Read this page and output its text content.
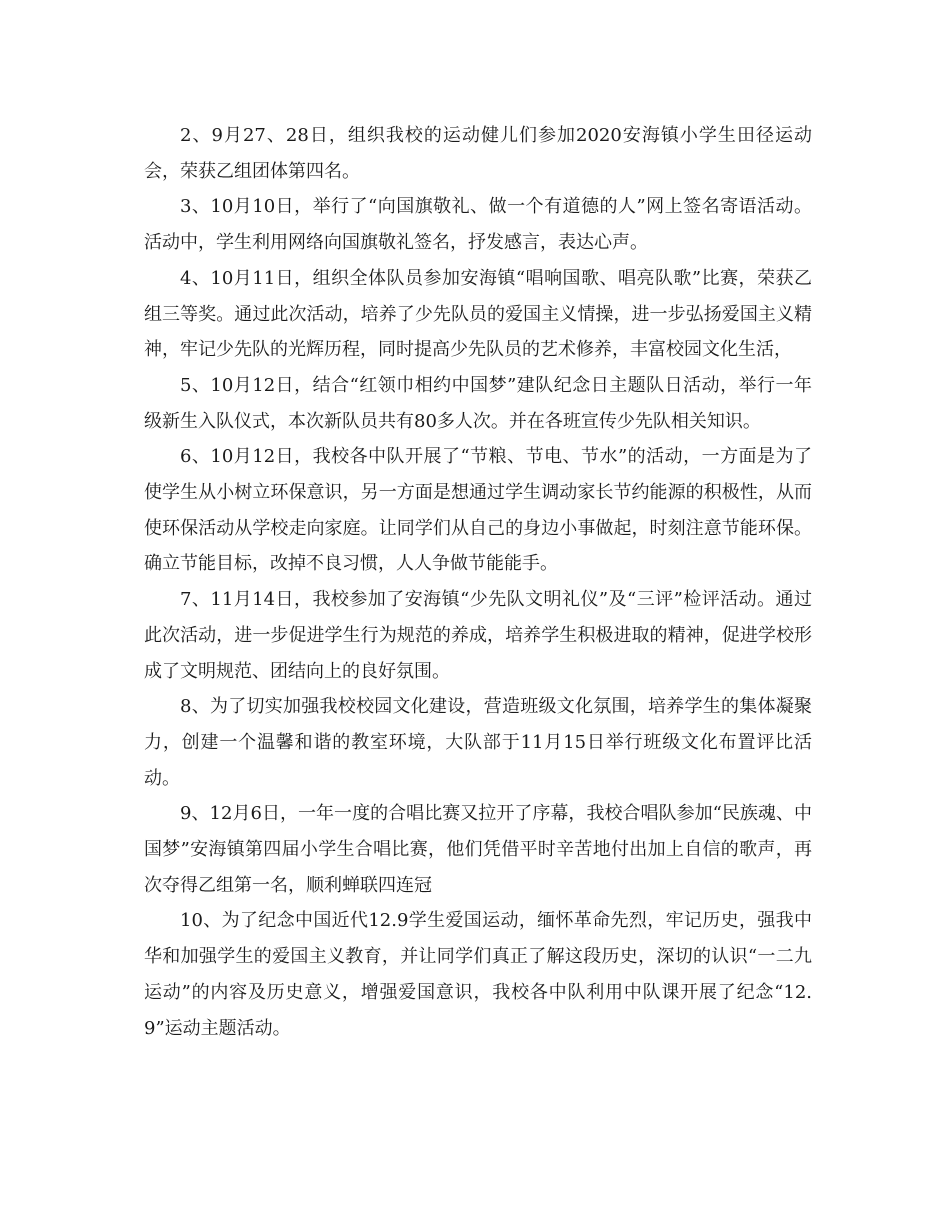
2、9月27、28日，组织我校的运动健儿们参加2020安海镇小学生田径运动会，荣获乙组团体第四名。

3、10月10日，举行了“向国旗敬礼、做一个有道德的人”网上签名寄语活动。活动中，学生利用网络向国旗敬礼签名，抒发感言，表达心声。

4、10月11日，组织全体队员参加安海镇“唱响国歌、唱亮队歌”比赛，荣获乙组三等奖。通过此次活动，培养了少先队员的爱国主义情操，进一步弘扬爱国主义精神，牢记少先队的光辉历程，同时提高少先队员的艺术修养，丰富校园文化生活，

5、10月12日，结合“红领巾相约中国梦”建队纪念日主题队日活动，举行一年级新生入队仪式，本次新队员共有80多人次。并在各班宣传少先队相关知识。

6、10月12日，我校各中队开展了“节粮、节电、节水”的活动，一方面是为了使学生从小树立环保意识，另一方面是想通过学生调动家长节约能源的积极性，从而使环保活动从学校走向家庭。让同学们从自己的身边小事做起，时刻注意节能环保。确立节能目标，改掉不良习惯，人人争做节能能手。

7、11月14日，我校参加了安海镇“少先队文明礼仪”及“三评”检评活动。通过此次活动，进一步促进学生行为规范的养成，培养学生积极进取的精神，促进学校形成了文明规范、团结向上的良好氛围。

8、为了切实加强我校校园文化建设，营造班级文化氛围，培养学生的集体凝聚力，创建一个温馨和谐的教室环境，大队部于11月15日举行班级文化布置评比活动。

9、12月6日，一年一度的合唱比赛又拉开了序幕，我校合唱队参加“民族魂、中国梦”安海镇第四届小学生合唱比赛，他们凭借平时辛苦地付出加上自信的歌声，再次夺得乙组第一名，顺利蝉联四连冠

10、为了纪念中国近代12.9学生爱国运动，缅怀革命先烈，牢记历史，强我中华和加强学生的爱国主义教育，并让同学们真正了解这段历史，深切的认识“一二九运动”的内容及历史意义，增强爱国意识，我校各中队利用中队课开展了纪念“12.9”运动主题活动。
